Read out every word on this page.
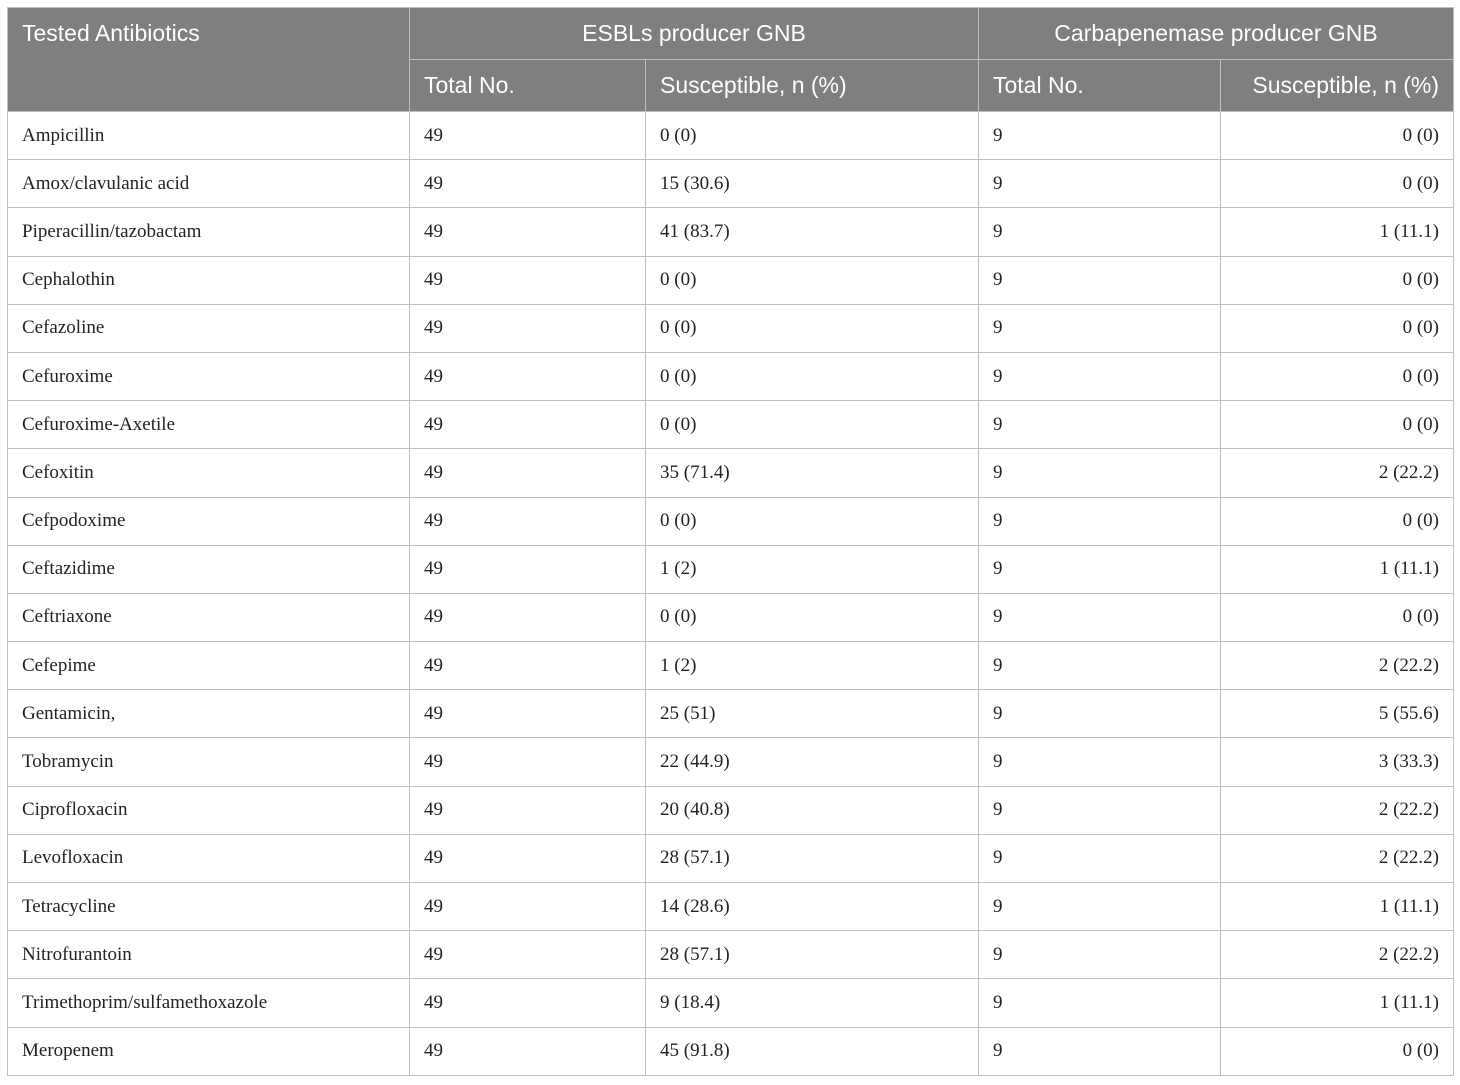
Tested Antibiotics	ESBLs producer GNB		Carbapenemase producer GNB	
	Total No.	Susceptible, n (%)	Total No.	Susceptible, n (%)
Ampicillin	49	0 (0)	9	0 (0)
Amox/clavulanic acid	49	15 (30.6)	9	0 (0)
Piperacillin/tazobactam	49	41 (83.7)	9	1 (11.1)
Cephalothin	49	0 (0)	9	0 (0)
Cefazoline	49	0 (0)	9	0 (0)
Cefuroxime	49	0 (0)	9	0 (0)
Cefuroxime-Axetile	49	0 (0)	9	0 (0)
Cefoxitin	49	35 (71.4)	9	2 (22.2)
Cefpodoxime	49	0 (0)	9	0 (0)
Ceftazidime	49	1 (2)	9	1 (11.1)
Ceftriaxone	49	0 (0)	9	0 (0)
Cefepime	49	1 (2)	9	2 (22.2)
Gentamicin,	49	25 (51)	9	5 (55.6)
Tobramycin	49	22 (44.9)	9	3 (33.3)
Ciprofloxacin	49	20 (40.8)	9	2 (22.2)
Levofloxacin	49	28 (57.1)	9	2 (22.2)
Tetracycline	49	14 (28.6)	9	1 (11.1)
Nitrofurantoin	49	28 (57.1)	9	2 (22.2)
Trimethoprim/sulfamethoxazole	49	9 (18.4)	9	1 (11.1)
Meropenem	49	45 (91.8)	9	0 (0)
